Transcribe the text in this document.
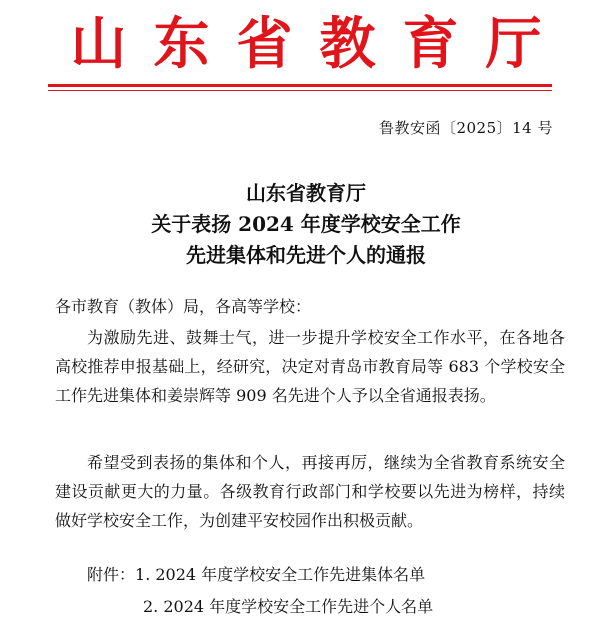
山东省教育厅
鲁教安函〔2025〕14 号
山东省教育厅
关于表扬 2024 年度学校安全工作
先进集体和先进个人的通报
各市教育（教体）局，各高等学校：

为激励先进、鼓舞士气，进一步提升学校安全工作水平，在各地各高校推荐申报基础上，经研究，决定对青岛市教育局等 683 个学校安全工作先进集体和姜崇辉等 909 名先进个人予以全省通报表扬。

希望受到表扬的集体和个人，再接再厉，继续为全省教育系统安全建设贡献更大的力量。各级教育行政部门和学校要以先进为榜样，持续做好学校安全工作，为创建平安校园作出积极贡献。

附件：1. 2024 年度学校安全工作先进集体名单
2. 2024 年度学校安全工作先进个人名单
